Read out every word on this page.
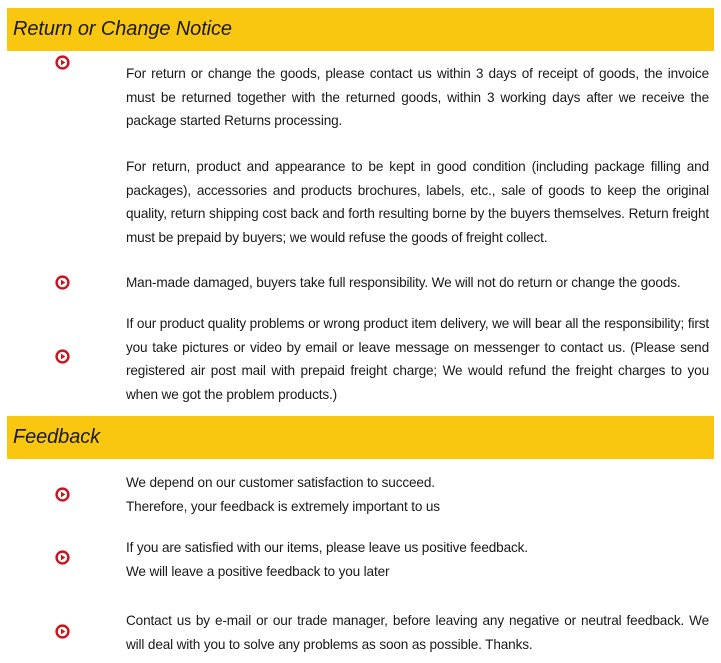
Return or Change Notice

For return or change the goods, please contact us within 3 days of receipt of goods, the invoice must be returned together with the returned goods, within 3 working days after we receive the package started Returns processing.

For return, product and appearance to be kept in good condition (including package filling and packages), accessories and products brochures, labels, etc., sale of goods to keep the original quality, return shipping cost back and forth resulting borne by the buyers themselves. Return freight must be prepaid by buyers; we would refuse the goods of freight collect.

Man-made damaged, buyers take full responsibility. We will not do return or change the goods.

If our product quality problems or wrong product item delivery, we will bear all the responsibility; first you take pictures or video by email or leave message on messenger to contact us. (Please send registered air post mail with prepaid freight charge; We would refund the freight charges to you when we got the problem products.)

Feedback
We depend on our customer satisfaction to succeed.
Therefore, your feedback is extremely important to us
If you are satisfied with our items, please leave us positive feedback.
We will leave a positive feedback to you later

Contact us by e-mail or our trade manager, before leaving any negative or neutral feedback. We will deal with you to solve any problems as soon as possible. Thanks.
